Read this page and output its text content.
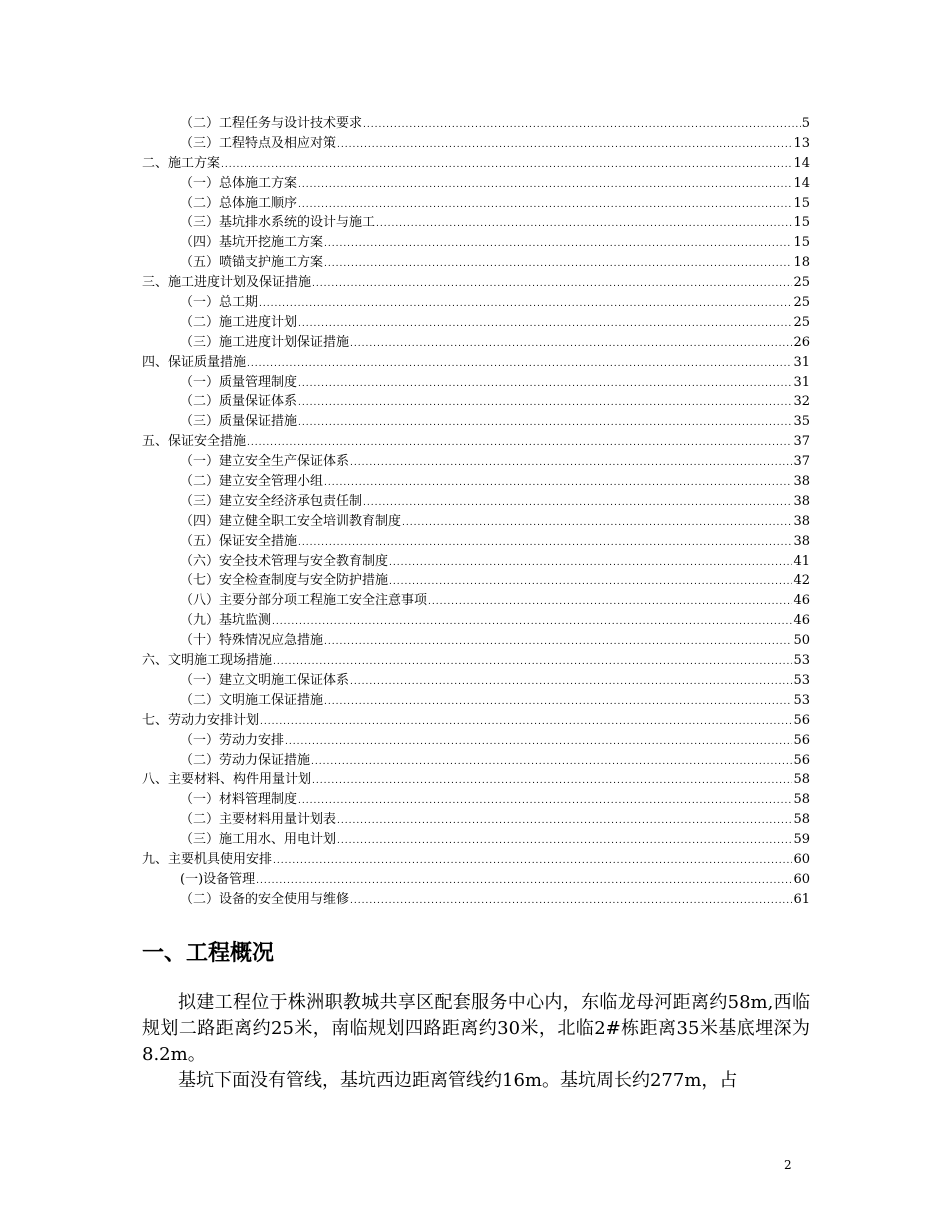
（二）工程任务与设计技术要求 .....	5
（三）工程特点及相应对策 .....	13
二、施工方案 .....	14
（一）总体施工方案 .....	14
（二）总体施工顺序 .....	15
（三）基坑排水系统的设计与施工 .....	15
（四）基坑开挖施工方案 .....	15
（五）喷锚支护施工方案 .....	18
三、施工进度计划及保证措施 .....	25
（一）总工期 .....	25
（二）施工进度计划 .....	25
（三）施工进度计划保证措施 .....	26
四、保证质量措施 .....	31
（一）质量管理制度 .....	31
（二）质量保证体系 .....	32
（三）质量保证措施 .....	35
五、保证安全措施 .....	37
（一）建立安全生产保证体系 .....	37
（二）建立安全管理小组 .....	38
（三）建立安全经济承包责任制 .....	38
（四）建立健全职工安全培训教育制度 .....	38
（五）保证安全措施 .....	38
（六）安全技术管理与安全教育制度 .....	41
（七）安全检查制度与安全防护措施 .....	42
（八）主要分部分项工程施工安全注意事项 .....	46
（九）基坑监测 .....	46
（十）特殊情况应急措施 .....	50
六、文明施工现场措施 .....	53
（一）建立文明施工保证体系 .....	53
（二）文明施工保证措施 .....	53
七、劳动力安排计划 .....	56
（一）劳动力安排 .....	56
（二）劳动力保证措施 .....	56
八、主要材料、构件用量计划 .....	58
（一）材料管理制度 .....	58
（二）主要材料用量计划表 .....	58
（三）施工用水、用电计划 .....	59
九、主要机具使用安排 .....	60
(一)设备管理 .....	60
（二）设备的安全使用与维修 .....	61
一、工程概况

拟建工程位于株洲职教城共享区配套服务中心内，东临龙母河距离约58m,西临规划二路距离约25米，南临规划四路距离约30米，北临2#栋距离35米基底埋深为8.2m。

基坑下面没有管线，基坑西边距离管线约16m。基坑周长约277m，占

2
